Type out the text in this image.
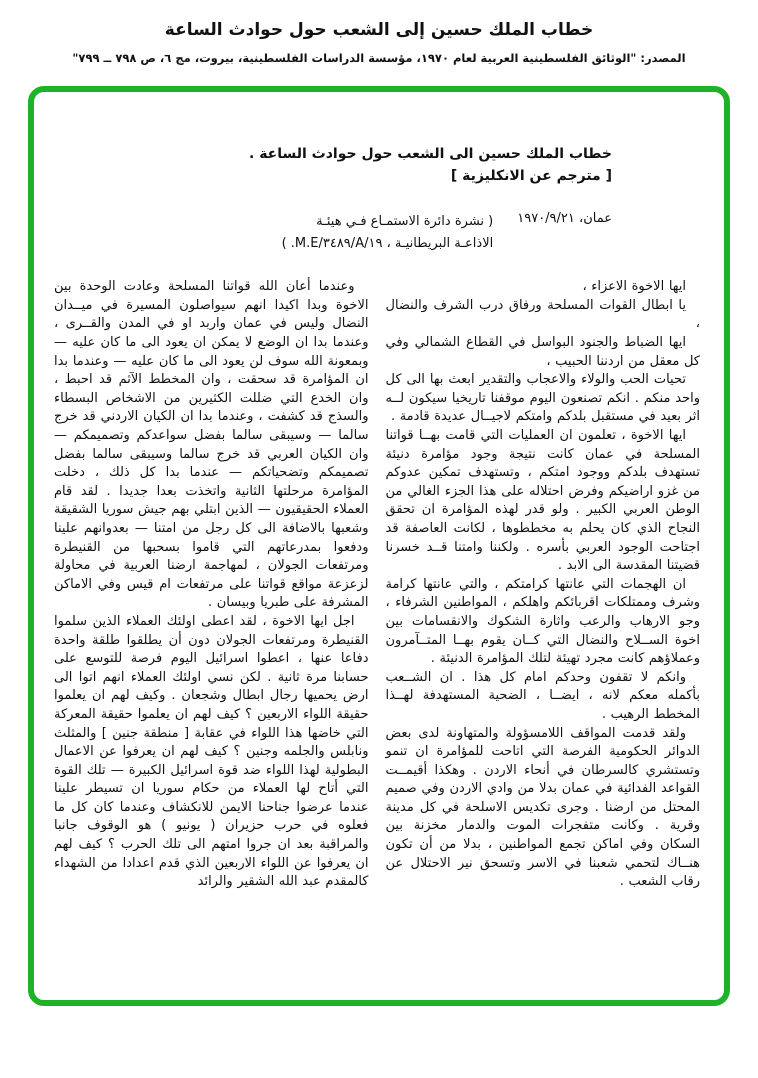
خطاب الملك حسين إلى الشعب حول حوادث الساعة
المصدر: "الوثائق الفلسطينية العربية لعام ١٩٧٠، مؤسسة الدراسات الفلسطينية، بيروت، مج ٦، ص ٧٩٨ ــ ٧٩٩"

خطاب الملك حسين الى الشعب حول حوادث الساعة .

[ مترجم عن الانكليزية ]

عمان، ١٩٧٠/٩/٢١
( نشرة دائرة الاستمـاع فـي هيئـة الاذاعـة البريطانيـة ، ١٩/A/٣٤٨٩/M.E. )

ايها الاخوة الاعزاء ،

يا ابطال القوات المسلحة ورفاق درب الشرف والنضال ،

ايها الضباط والجنود البواسل في القطاع الشمالي وفي كل معقل من اردننا الحبيب ،

تحيات الحب والولاء والاعجاب والتقدير ابعث بها الى كل واحد منكم . انكم تصنعون اليوم موقفنا تاريخيا سيكون لــه اثر بعيد في مستقبل بلدكم وامتكم لاجيــال عديدة قادمة .

ايها الاخوة ، تعلمون ان العمليات التي قامت بهــا قواتنا المسلحة في عمان كانت نتيجة وجود مؤامرة دنيئة تستهدف بلدكم ووجود امتكم ، وتستهدف تمكين عدوكم من غزو اراضيكم وفرض احتلاله على هذا الجزء الغالي من الوطن العربي الكبير . ولو قدر لهذه المؤامرة ان تحقق النجاح الذي كان يحلم به مخططوها ، لكانت العاصفة قد اجتاحت الوجود العربي بأسره . ولكننا وامتنا قــد خسرنا قضيتنا المقدسة الى الابد .

ان الهجمات التي عانتها كرامتكم ، والتي عانتها كرامة وشرف وممتلكات اقربائكم واهلكم ، المواطنين الشرفاء ، وجو الارهاب والرعب واثارة الشكوك والانقسامات بين اخوة الســلاح والنضال التي كــان يقوم بهــا المتــآمرون وعملاؤهم كانت مجرد تهيئة لتلك المؤامرة الدنيئة .

وانكم لا تقفون وحدكم امام كل هذا . ان الشــعب بأكمله معكم لانه ، ايضــا ، الضحية المستهدفة لهــذا المخطط الرهيب .

ولقد قدمت المواقف اللامسؤولة والمتهاونة لدى بعض الدوائر الحكومية الفرصة التي اتاحت للمؤامرة ان تنمو وتستشري كالسرطان في أنحاء الاردن . وهكذا أقيمــت القواعد الفدائية في عمان بدلا من وادي الاردن وفي صميم المحتل من ارضنا . وجرى تكديس الاسلحة في كل مدينة وقرية . وكانت متفجرات الموت والدمار مخزنة بين السكان وفي اماكن تجمع المواطنين ، بدلا من أن تكون هنــاك لتحمي شعبنا في الاسر وتسحق نير الاحتلال عن رقاب الشعب .

وعندما أعان الله قواتنا المسلحة وعادت الوحدة بين الاخوة وبدا اكيدا انهم سيواصلون المسيرة في ميــدان النضال وليس في عمان واربد او في المدن والقــرى ، وعندما بدا ان الوضع لا يمكن ان يعود الى ما كان عليه — وبمعونة الله سوف لن يعود الى ما كان عليه — وعندما بدا ان المؤامرة قد سحقت ، وان المخطط الآثم قد احبط ، وان الخدع التي ضللت الكثيرين من الاشخاص البسطاء والسذج قد كشفت ، وعندما بدا ان الكيان الاردني قد خرج سالما — وسيبقى سالما بفضل سواعدكم وتصميمكم — وان الكيان العربي قد خرج سالما وسيبقى سالما بفضل تصميمكم وتضحياتكم — عندما بدا كل ذلك ، دخلت المؤامرة مرحلتها الثانية واتخذت بعدا جديدا . لقد قام العملاء الحقيقيون — الذين ابتلي بهم جيش سوريا الشقيقة وشعبها بالاضافة الى كل رجل من امتنا — بعدوانهم علينا ودفعوا بمدرعاتهم التي قاموا بسحبها من القنيطرة ومرتفعات الجولان ، لمهاجمة ارضنا العربية في محاولة لزعزعة مواقع قواتنا على مرتفعات ام قيس وفي الاماكن المشرفة على طبريا وبيسان .

اجل ايها الاخوة ، لقد اعطى اولئك العملاء الذين سلموا القنيطرة ومرتفعات الجولان دون أن يطلقوا طلقة واحدة دفاعا عنها ، اعطوا اسرائيل اليوم فرصة للتوسع على حسابنا مرة ثانية . لكن نسي اولئك العملاء انهم اتوا الى ارض يحميها رجال ابطال وشجعان . وكيف لهم ان يعلموا حقيقة اللواء الاربعين ؟ كيف لهم ان يعلموا حقيقة المعركة التي خاضها هذا اللواء في عقابة [ منطقة جنين ] والمثلث ونابلس والجلمه وجنين ؟ كيف لهم ان يعرفوا عن الاعمال البطولية لهذا اللواء ضد قوة اسرائيل الكبيرة — تلك القوة التي أتاح لها العملاء من حكام سوريا ان تسيطر علينا عندما عرضوا جناحنا الايمن للانكشاف وعندما كان كل ما فعلوه في حرب حزيران ( يونيو ) هو الوقوف جانبا والمراقبة بعد ان جروا امتهم الى تلك الحرب ؟ كيف لهم ان يعرفوا عن اللواء الاربعين الذي قدم اعدادا من الشهداء كالمقدم عبد الله الشقير والرائد
